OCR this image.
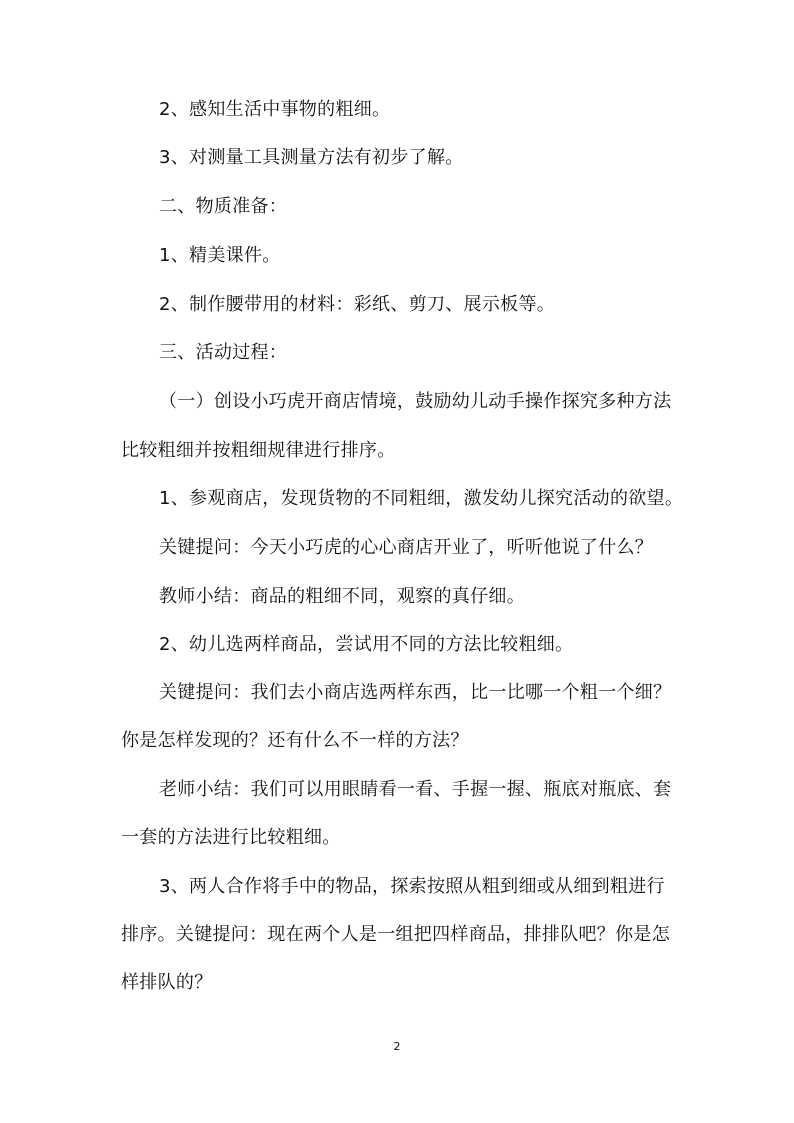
2、感知生活中事物的粗细。
3、对测量工具测量方法有初步了解。
二、物质准备：
1、精美课件。
2、制作腰带用的材料：彩纸、剪刀、展示板等。
三、活动过程：
（一）创设小巧虎开商店情境，鼓励幼儿动手操作探究多种方法
比较粗细并按粗细规律进行排序。
1、参观商店，发现货物的不同粗细，激发幼儿探究活动的欲望。
关键提问：今天小巧虎的心心商店开业了，听听他说了什么？
教师小结：商品的粗细不同，观察的真仔细。
2、幼儿选两样商品，尝试用不同的方法比较粗细。
关键提问：我们去小商店选两样东西，比一比哪一个粗一个细？
你是怎样发现的？还有什么不一样的方法？
老师小结：我们可以用眼睛看一看、手握一握、瓶底对瓶底、套
一套的方法进行比较粗细。
3、两人合作将手中的物品，探索按照从粗到细或从细到粗进行
排序。关键提问：现在两个人是一组把四样商品，排排队吧？你是怎
样排队的？
2
